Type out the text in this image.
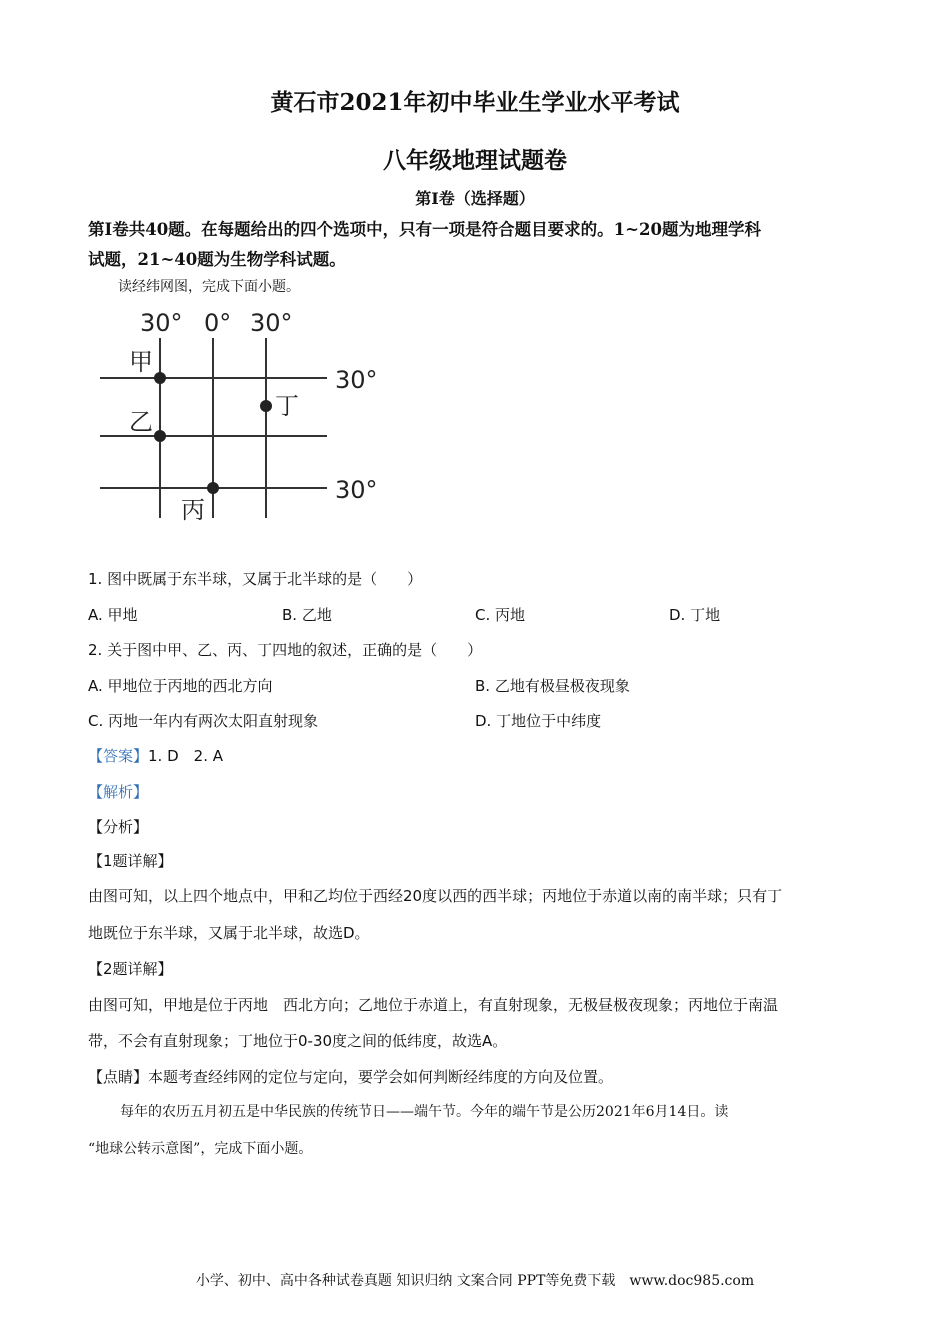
黄石市2021年初中毕业生学业水平考试
八年级地理试题卷
第Ⅰ卷（选择题）
第Ⅰ卷共40题。在每题给出的四个选项中，只有一项是符合题目要求的。1~20题为地理学科
试题，21~40题为生物学科试题。
读经纬网图，完成下面小题。
30° 0° 30°
30°
30°
甲
乙
丙
丁
1. 图中既属于东半球，又属于北半球的是（　　）
A. 甲地	B. 乙地	C. 丙地	D. 丁地
2. 关于图中甲、乙、丙、丁四地的叙述，正确的是（　　）
A. 甲地位于丙地的西北方向	B. 乙地有极昼极夜现象
C. 丙地一年内有两次太阳直射现象	D. 丁地位于中纬度
【答案】1. D　2. A
【解析】
【分析】
【1题详解】
由图可知，以上四个地点中，甲和乙均位于西经20度以西的西半球；丙地位于赤道以南的南半球；只有丁
地既位于东半球，又属于北半球，故选D。
【2题详解】
由图可知，甲地是位于丙地　西北方向；乙地位于赤道上，有直射现象，无极昼极夜现象；丙地位于南温
带，不会有直射现象；丁地位于0-30度之间的低纬度，故选A。
【点睛】本题考查经纬网的定位与定向，要学会如何判断经纬度的方向及位置。
每年的农历五月初五是中华民族的传统节日——端午节。今年的端午节是公历2021年6月14日。读
“地球公转示意图”，完成下面小题。
小学、初中、高中各种试卷真题 知识归纳 文案合同 PPT等免费下载　www.doc985.com
